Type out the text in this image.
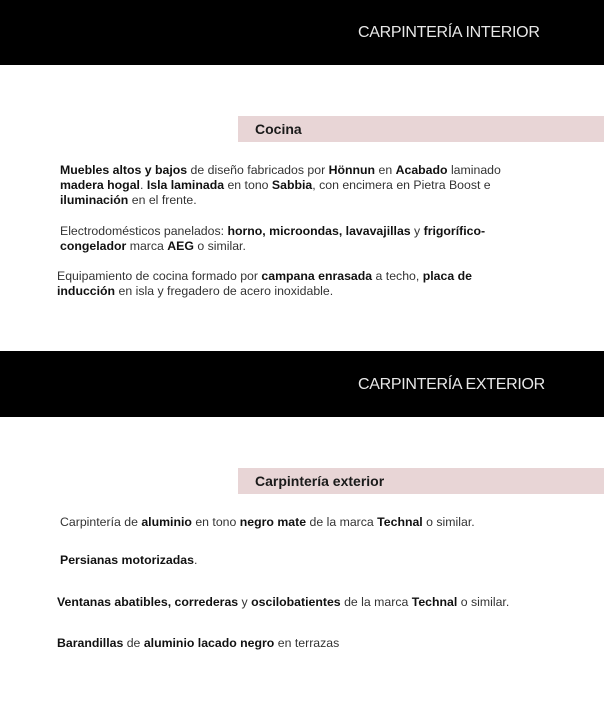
CARPINTERÍA INTERIOR
Cocina
Muebles altos y bajos de diseño fabricados por Hönnun en Acabado laminado
madera hogal. Isla laminada en tono Sabbia, con encimera en Pietra Boost e
iluminación en el frente.
Electrodomésticos panelados: horno, microondas, lavavajillas y frigorífico-
congelador marca AEG o similar.
Equipamiento de cocina formado por campana enrasada a techo, placa de
inducción en isla y fregadero de acero inoxidable.
CARPINTERÍA EXTERIOR
Carpintería exterior
Carpintería de aluminio en tono negro mate de la marca Technal o similar.
Persianas motorizadas.
Ventanas abatibles, correderas y oscilobatientes de la marca Technal o similar.
Barandillas de aluminio lacado negro en terrazas
